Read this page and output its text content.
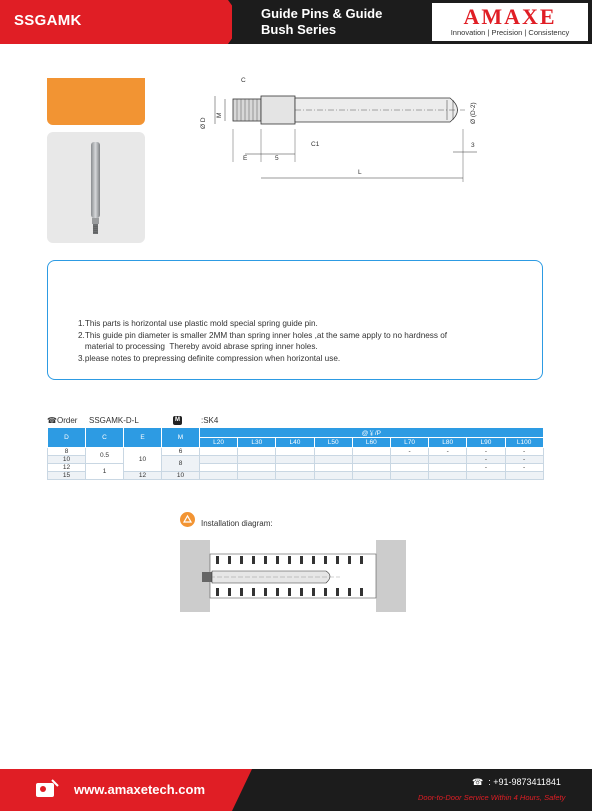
SSGAMK	Guide Pins & Guide
Bush Series
AMAXE
Innovation | Precision | Consistency
C
C1
Ø D
M	Ø (D-2)
3
E	5
L
1.This parts is horizontal use plastic mold special spring guide pin.
2.This guide pin diameter is smaller 2MM than spring inner holes ,at the same apply to no hardness of
material to processing  Thereby avoid abrase spring inner holes.
3.please notes to prepressing definite compression when horizontal use.
☎ Order SSGAMK-D-L	M	:SK4
D	C	E	M	@￥/P								
				L20	L30	L40	L50	L60	L70	L80	L90	L100
8	0.5	10	6						-	-	-	-
10			8								-	-
12	1										-	-
15		12	10									
Installation diagram:
www.amaxetech.com	☎  : +91-9873411841
Door-to-Door Service Within 4 Hours, Safety
